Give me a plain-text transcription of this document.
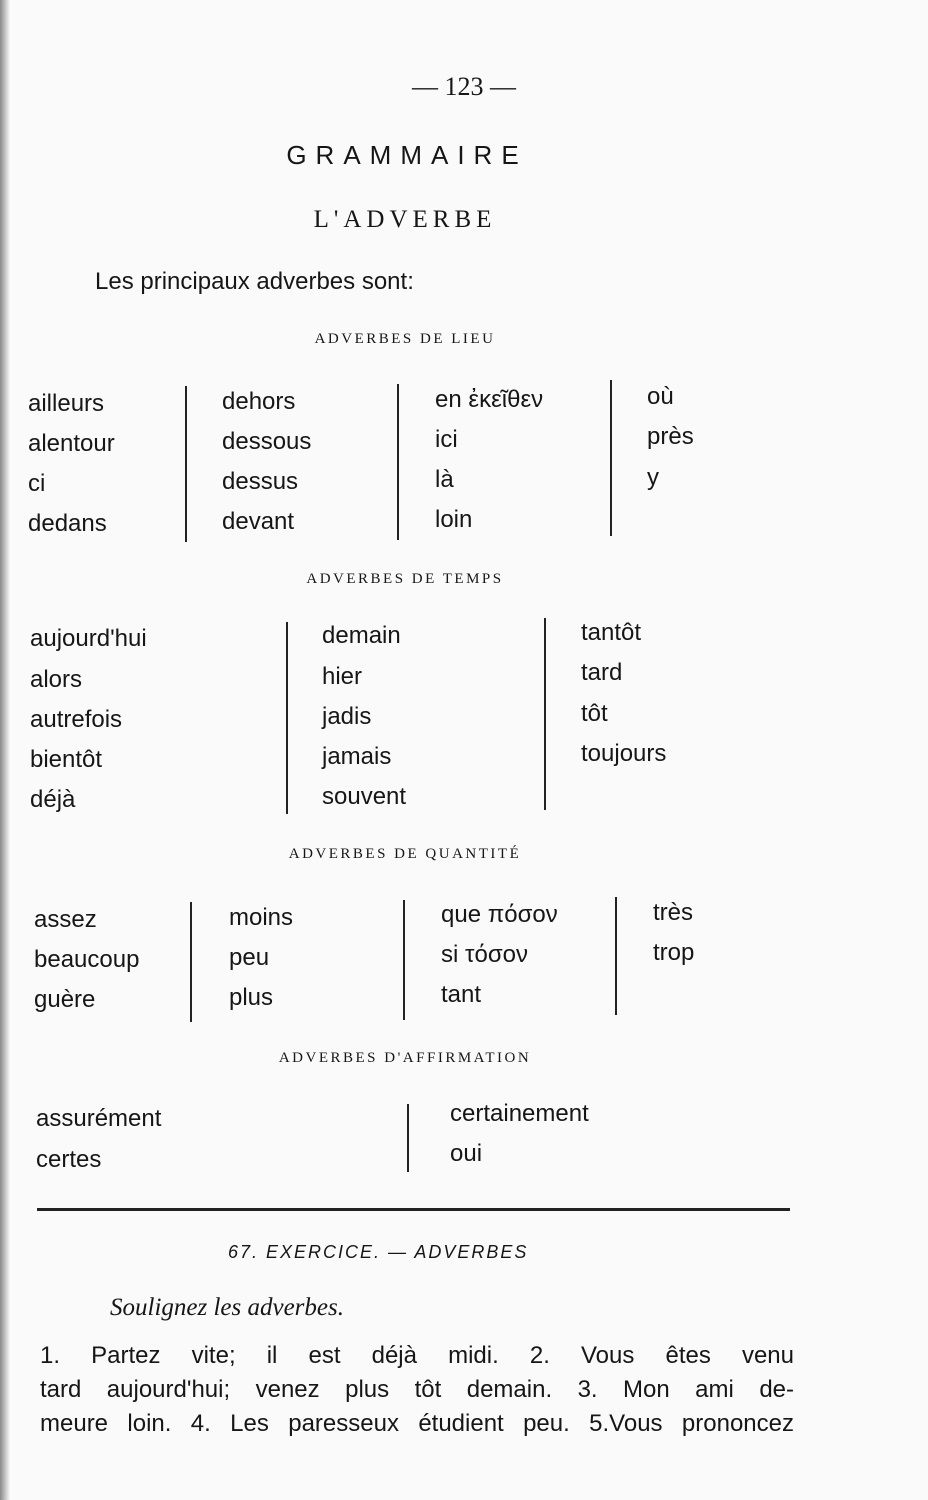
— 123 —
GRAMMAIRE
L'ADVERBE
Les principaux adverbes sont:
ADVERBES DE LIEU
ailleurs
alentour
ci
dedans
dehors
dessous
dessus
devant
en ἐκεῖθεν
ici
là
loin
où
près
y
ADVERBES DE TEMPS
aujourd'hui
alors
autrefois
bientôt
déjà
demain
hier
jadis
jamais
souvent
tantôt
tard
tôt
toujours
ADVERBES DE QUANTITÉ
assez
beaucoup
guère
moins
peu
plus
que πόσον
si τόσον
tant
très
trop
ADVERBES D'AFFIRMATION
assurément
certes
certainement
oui
67. EXERCICE. — ADVERBES
Soulignez les adverbes.
1. Partez vite; il est déjà midi. 2. Vous êtes venu
tard aujourd'hui; venez plus tôt demain. 3. Mon ami de-
meure loin. 4. Les paresseux étudient peu. 5.Vous prononcez
